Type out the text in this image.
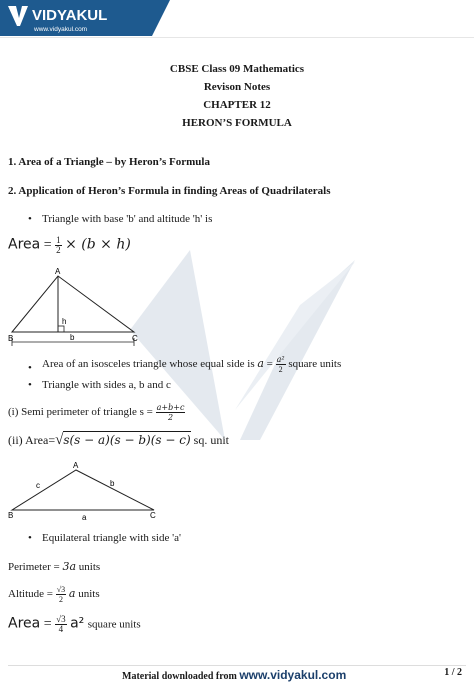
VIDYAKUL
www.vidyakul.com
CBSE Class 09 Mathematics
Revison Notes
CHAPTER 12
HERON’S FORMULA
1. Area of a Triangle – by Heron’s Formula
2. Application of Heron’s Formula in finding Areas of Quadrilaterals
• Triangle with base 'b' and altitude 'h' is
Area = $\frac{1}{2} \times (b \times h)$
A
B	C
h
b
• Area of an isosceles triangle whose equal side is $a = \frac{\text{a²}}{2}$ square units
• Triangle with sides a, b and c
(i) Semi perimeter of triangle $s = \frac{a+b+c}{2}$
(ii) Area=√s(s − a)(s − b)(s − c) sq. unit
A
B	C
c	b
a
• Equilateral triangle with side 'a'
Perimeter = 3a units
Altitude = $\frac{√3}{2}$ a units
Area = $\frac{√3}{4} a^2$ square units
Material downloaded from www.vidyakul.com	1 / 2
